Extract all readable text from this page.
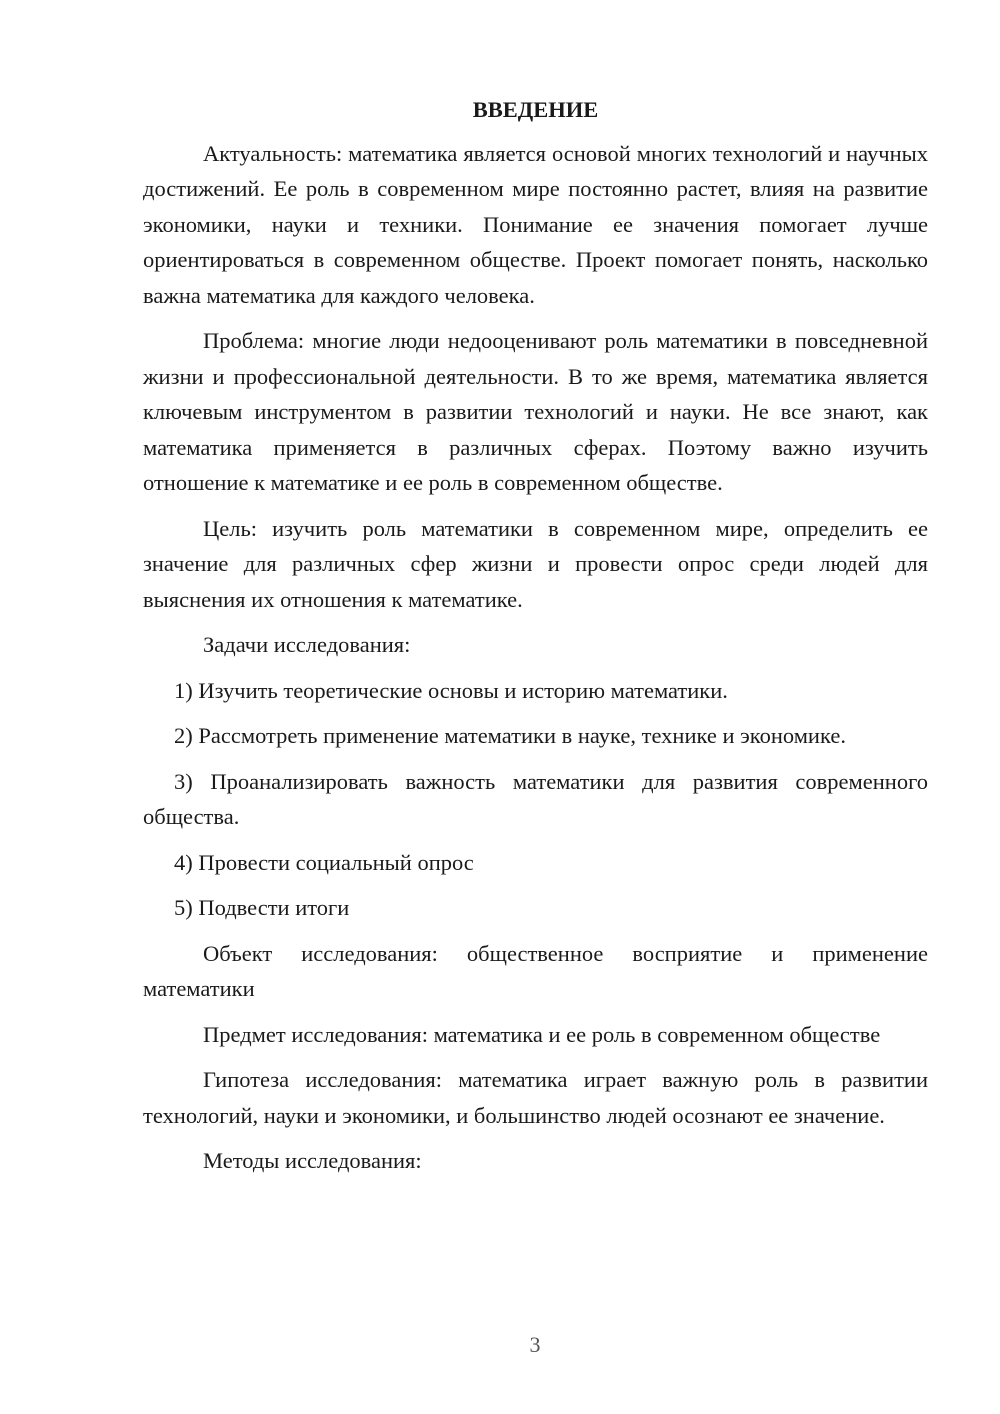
ВВЕДЕНИЕ

Актуальность: математика является основой многих технологий и научных достижений. Ее роль в современном мире постоянно растет, влияя на развитие экономики, науки и техники. Понимание ее значения помогает лучше ориентироваться в современном обществе. Проект помогает понять, насколько важна математика для каждого человека.

Проблема: многие люди недооценивают роль математики в повседневной жизни и профессиональной деятельности. В то же время, математика является ключевым инструментом в развитии технологий и науки. Не все знают, как математика применяется в различных сферах. Поэтому важно изучить отношение к математике и ее роль в современном обществе.

Цель: изучить роль математики в современном мире, определить ее значение для различных сфер жизни и провести опрос среди людей для выяснения их отношения к математике.

Задачи исследования:

1) Изучить теоретические основы и историю математики.

2) Рассмотреть применение математики в науке, технике и экономике.

3) Проанализировать важность математики для развития современного общества.

4) Провести социальный опрос

5) Подвести итоги

Объект исследования: общественное восприятие и применение математики

Предмет исследования: математика и ее роль в современном обществе

Гипотеза исследования: математика играет важную роль в развитии технологий, науки и экономики, и большинство людей осознают ее значение.

Методы исследования:

3
